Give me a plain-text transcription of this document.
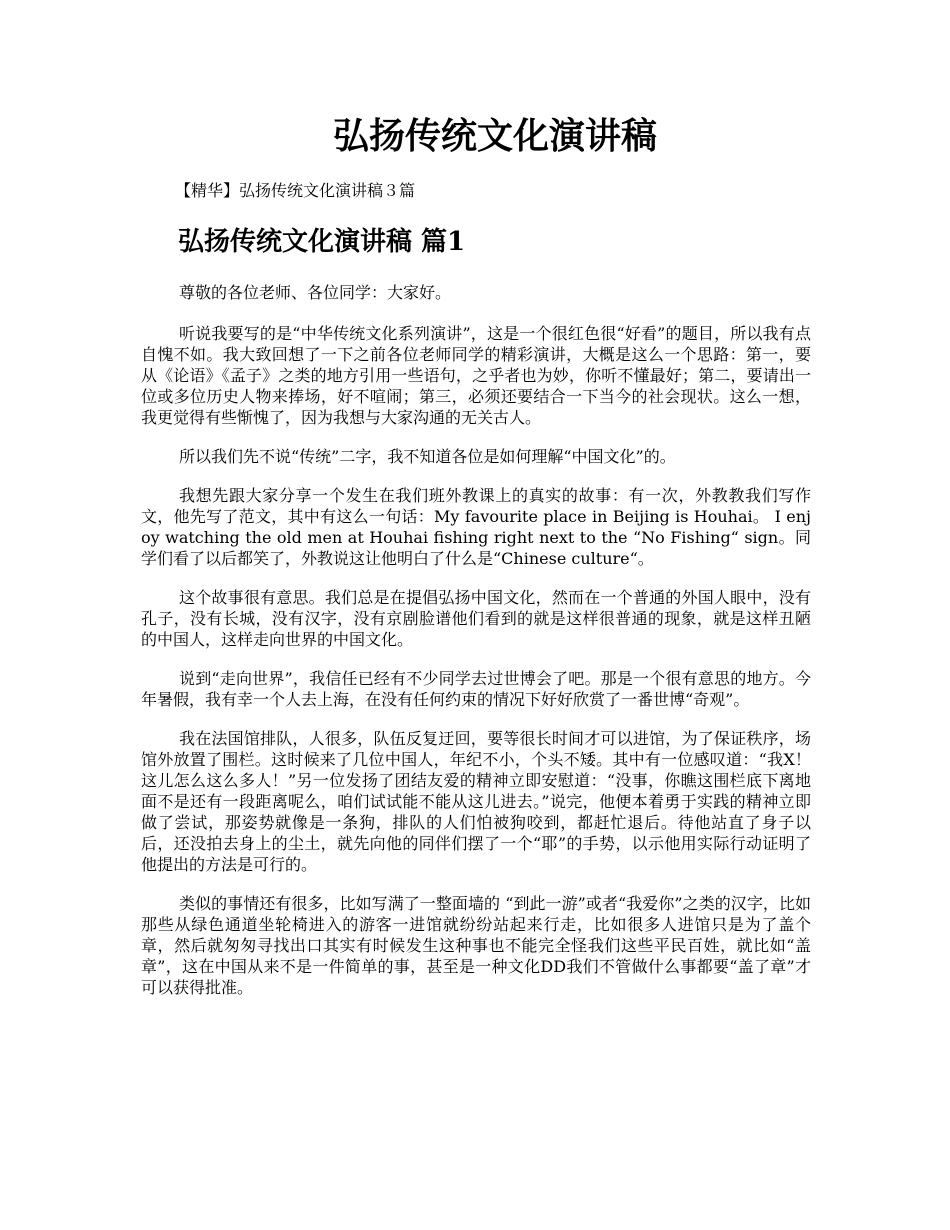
弘扬传统文化演讲稿
【精华】弘扬传统文化演讲稿３篇
弘扬传统文化演讲稿 篇1

尊敬的各位老师、各位同学：大家好。

听说我要写的是“中华传统文化系列演讲”，这是一个很红色很“好看”的题目，所以我有点自愧不如。我大致回想了一下之前各位老师同学的精彩演讲，大概是这么一个思路：第一，要从《论语》《孟子》之类的地方引用一些语句，之乎者也为妙，你听不懂最好；第二，要请出一位或多位历史人物来捧场，好不喧闹；第三，必须还要结合一下当今的社会现状。这么一想，我更觉得有些惭愧了，因为我想与大家沟通的无关古人。

所以我们先不说“传统”二字，我不知道各位是如何理解“中国文化”的。

我想先跟大家分享一个发生在我们班外教课上的真实的故事：有一次，外教教我们写作文，他先写了范文，其中有这么一句话：My favourite place in Beijing is Houhai。 I enjoy watching the old men at Houhai fishing right next to the “No Fishing“ sign。同学们看了以后都笑了，外教说这让他明白了什么是“Chinese culture“。

这个故事很有意思。我们总是在提倡弘扬中国文化，然而在一个普通的外国人眼中，没有孔子，没有长城，没有汉字，没有京剧脸谱他们看到的就是这样很普通的现象，就是这样丑陋的中国人，这样走向世界的中国文化。

说到“走向世界”，我信任已经有不少同学去过世博会了吧。那是一个很有意思的地方。今年暑假，我有幸一个人去上海，在没有任何约束的情况下好好欣赏了一番世博“奇观”。

我在法国馆排队，人很多，队伍反复迂回，要等很长时间才可以进馆，为了保证秩序，场馆外放置了围栏。这时候来了几位中国人，年纪不小，个头不矮。其中有一位感叹道：“我X！这儿怎么这么多人！”另一位发扬了团结友爱的精神立即安慰道：“没事，你瞧这围栏底下离地面不是还有一段距离呢么，咱们试试能不能从这儿进去。”说完，他便本着勇于实践的精神立即做了尝试，那姿势就像是一条狗，排队的人们怕被狗咬到，都赶忙退后。待他站直了身子以后，还没拍去身上的尘土，就先向他的同伴们摆了一个“耶”的手势，以示他用实际行动证明了他提出的方法是可行的。

类似的事情还有很多，比如写满了一整面墙的 “到此一游”或者“我爱你”之类的汉字，比如那些从绿色通道坐轮椅进入的游客一进馆就纷纷站起来行走，比如很多人进馆只是为了盖个章，然后就匆匆寻找出口其实有时候发生这种事也不能完全怪我们这些平民百姓，就比如“盖章”，这在中国从来不是一件简单的事，甚至是一种文化DD我们不管做什么事都要“盖了章”才可以获得批准。
